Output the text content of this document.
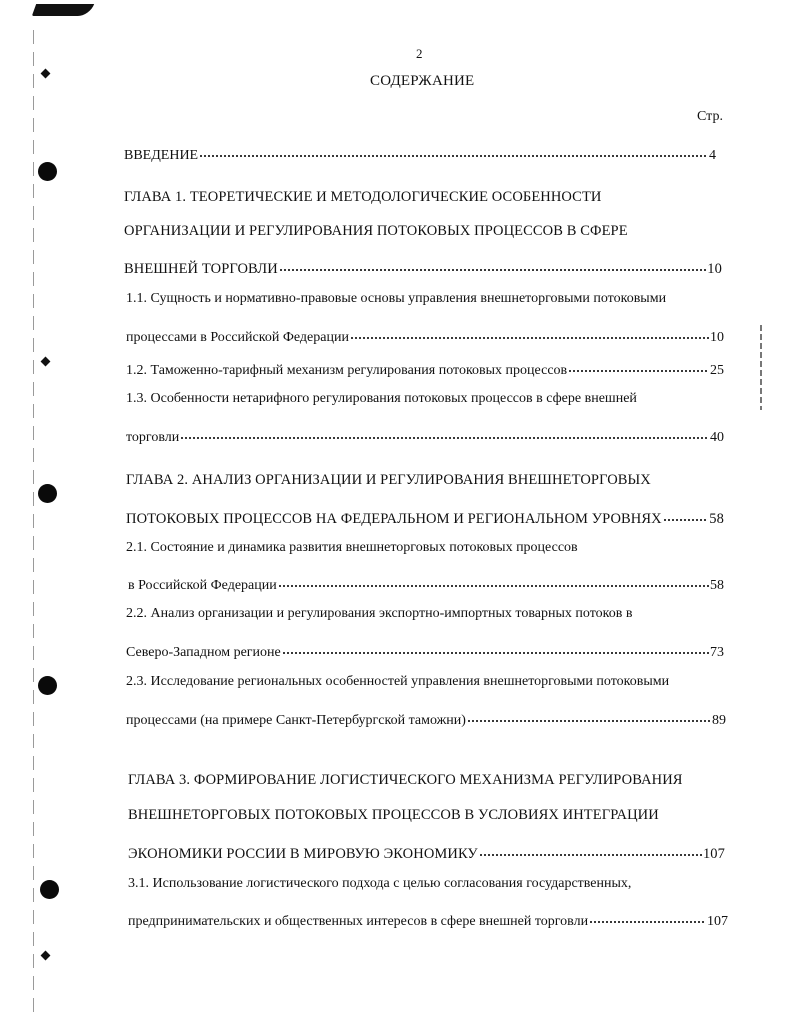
2
СОДЕРЖАНИЕ
Стр.
ВВЕДЕНИЕ	4
ГЛАВА 1. ТЕОРЕТИЧЕСКИЕ И МЕТОДОЛОГИЧЕСКИЕ ОСОБЕННОСТИ
ОРГАНИЗАЦИИ И РЕГУЛИРОВАНИЯ ПОТОКОВЫХ ПРОЦЕССОВ В СФЕРЕ
ВНЕШНЕЙ ТОРГОВЛИ	10
1.1. Сущность и нормативно-правовые основы управления внешнеторговыми потоковыми
процессами в Российской Федерации	10
1.2. Таможенно-тарифный механизм регулирования потоковых процессов	25
1.3. Особенности нетарифного регулирования потоковых процессов в сфере внешней
торговли	40
ГЛАВА 2. АНАЛИЗ ОРГАНИЗАЦИИ И РЕГУЛИРОВАНИЯ ВНЕШНЕТОРГОВЫХ
ПОТОКОВЫХ ПРОЦЕССОВ НА ФЕДЕРАЛЬНОМ И РЕГИОНАЛЬНОМ УРОВНЯХ	58
2.1. Состояние и динамика развития внешнеторговых потоковых процессов
в Российской Федерации	58
2.2. Анализ организации и регулирования экспортно-импортных товарных потоков в
Северо-Западном регионе	73
2.3. Исследование региональных особенностей управления внешнеторговыми потоковыми
процессами (на примере Санкт-Петербургской таможни)	89
ГЛАВА 3. ФОРМИРОВАНИЕ ЛОГИСТИЧЕСКОГО МЕХАНИЗМА РЕГУЛИРОВАНИЯ
ВНЕШНЕТОРГОВЫХ ПОТОКОВЫХ ПРОЦЕССОВ В УСЛОВИЯХ ИНТЕГРАЦИИ
ЭКОНОМИКИ РОССИИ В МИРОВУЮ ЭКОНОМИКУ	107
3.1. Использование логистического подхода с целью согласования государственных,
предпринимательских и общественных интересов в сфере внешней торговли	107
